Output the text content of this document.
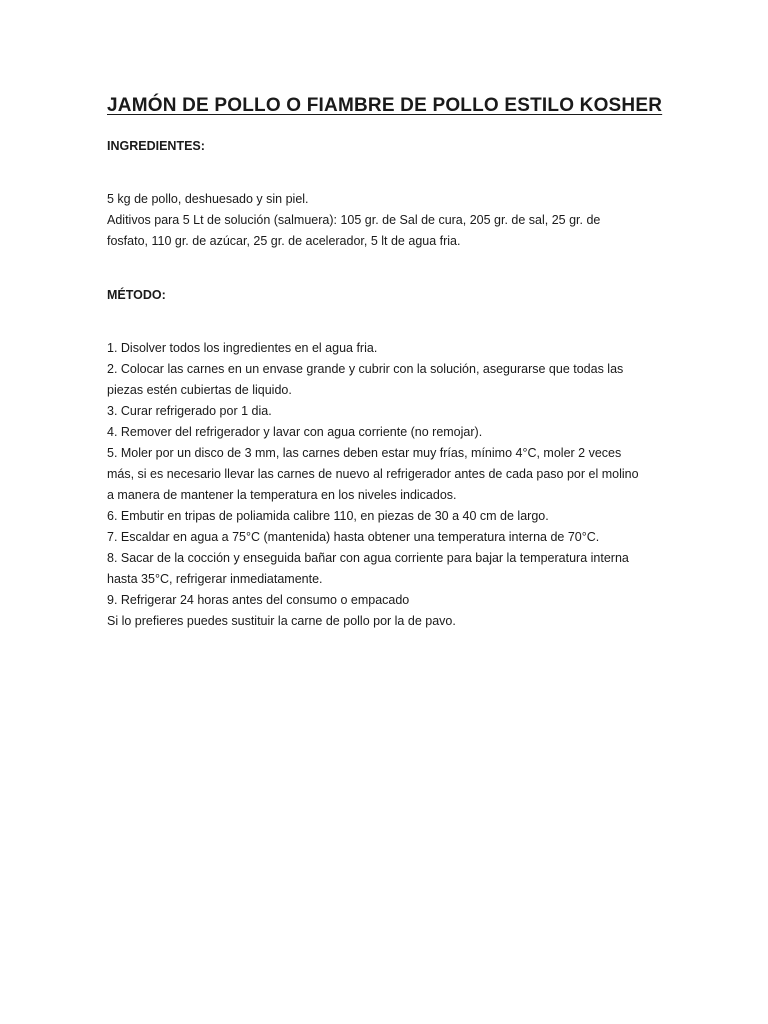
JAMÓN DE POLLO O FIAMBRE DE POLLO ESTILO KOSHER
INGREDIENTES:
5 kg de pollo, deshuesado y sin piel.
Aditivos para 5 Lt de solución (salmuera): 105 gr. de Sal de cura, 205 gr. de sal, 25 gr. de
fosfato, 110 gr. de azúcar, 25 gr. de acelerador, 5 lt de agua fria.
MÉTODO:
1. Disolver todos los ingredientes en el agua fria.
2. Colocar las carnes en un envase grande y cubrir con la solución, asegurarse que todas las
piezas estén cubiertas de liquido.
3. Curar refrigerado por 1 dia.
4. Remover del refrigerador y lavar con agua corriente (no remojar).
5. Moler por un disco de 3 mm, las carnes deben estar muy frías, mínimo 4°C, moler 2 veces
más, si es necesario llevar las carnes de nuevo al refrigerador antes de cada paso por el molino
a manera de mantener la temperatura en los niveles indicados.
6. Embutir en tripas de poliamida calibre 110, en piezas de 30 a 40 cm de largo.
7. Escaldar en agua a 75°C (mantenida) hasta obtener una temperatura interna de 70°C.
8. Sacar de la cocción y enseguida bañar con agua corriente para bajar la temperatura interna
hasta 35°C, refrigerar inmediatamente.
9. Refrigerar 24 horas antes del consumo o empacado
Si lo prefieres puedes sustituir la carne de pollo por la de pavo.
